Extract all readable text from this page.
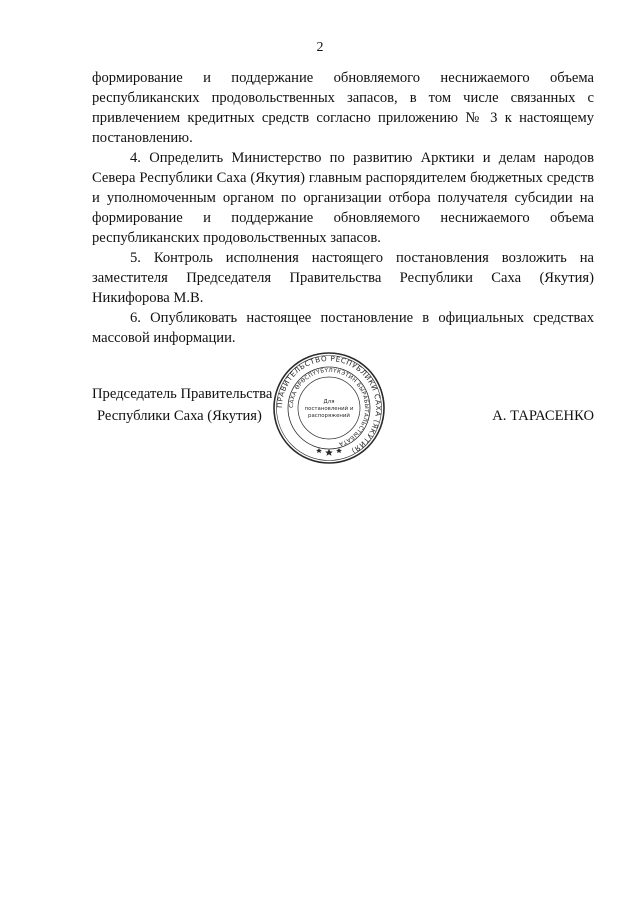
2

формирование и поддержание обновляемого неснижаемого объема республиканских продовольственных запасов, в том числе связанных с привлечением кредитных средств согласно приложению № 3 к настоящему постановлению.

4. Определить Министерство по развитию Арктики и делам народов Севера Республики Саха (Якутия) главным распорядителем бюджетных средств и уполномоченным органом по организации отбора получателя субсидии на формирование и поддержание обновляемого неснижаемого объема республиканских продовольственных запасов.

5. Контроль исполнения настоящего постановления возложить на заместителя Председателя Правительства Республики Саха (Якутия) Никифорова М.В.

6. Опубликовать настоящее постановление в официальных средствах массовой информации.

Председатель Правительства
Республики Саха (Якутия)	А. ТАРАСЕНКО
ПРАВИТЕЛЬСТВО РЕСПУБЛИКИ САХА (ЯКУТИЯ)
САХА ӨРӨСПҮҮБҮЛҮКЭТИН БЫРАБЫТАЛЬСТЫБАТА
Для
постановлений и
распоряжений
